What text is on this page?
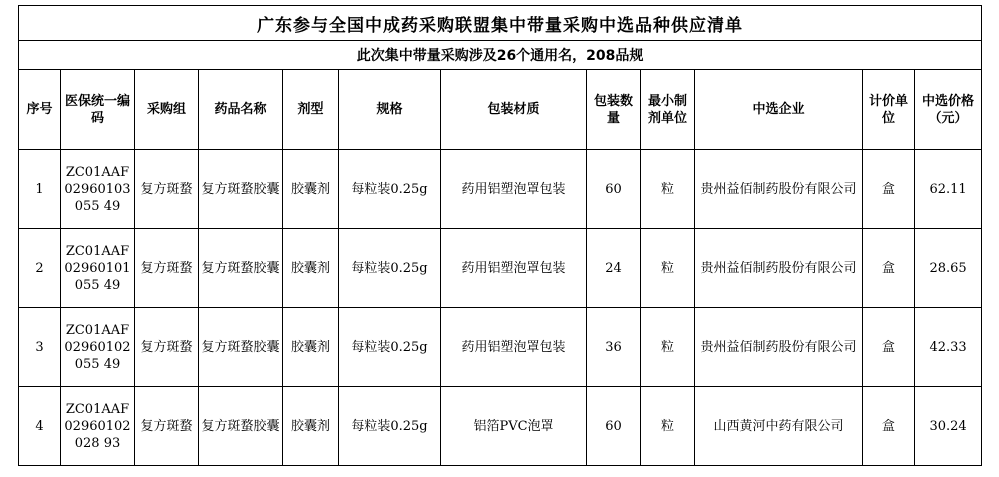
广东参与全国中成药采购联盟集中带量采购中选品种供应清单											
此次集中带量采购涉及26个通用名，208品规											
序号	医保统一编码	采购组	药品名称	剂型	规格	包装材质	包装数量	最小制剂单位	中选企业	计价单位	中选价格（元）
1	ZC01AAF02960103055 49	复方斑蝥	复方斑蝥胶囊	胶囊剂	每粒装0.25g	药用铝塑泡罩包装	60	粒	贵州益佰制药股份有限公司	盒	62.11
2	ZC01AAF02960101055 49	复方斑蝥	复方斑蝥胶囊	胶囊剂	每粒装0.25g	药用铝塑泡罩包装	24	粒	贵州益佰制药股份有限公司	盒	28.65
3	ZC01AAF02960102055 49	复方斑蝥	复方斑蝥胶囊	胶囊剂	每粒装0.25g	药用铝塑泡罩包装	36	粒	贵州益佰制药股份有限公司	盒	42.33
4	ZC01AAF02960102028 93	复方斑蝥	复方斑蝥胶囊	胶囊剂	每粒装0.25g	铝箔PVC泡罩	60	粒	山西黄河中药有限公司	盒	30.24
